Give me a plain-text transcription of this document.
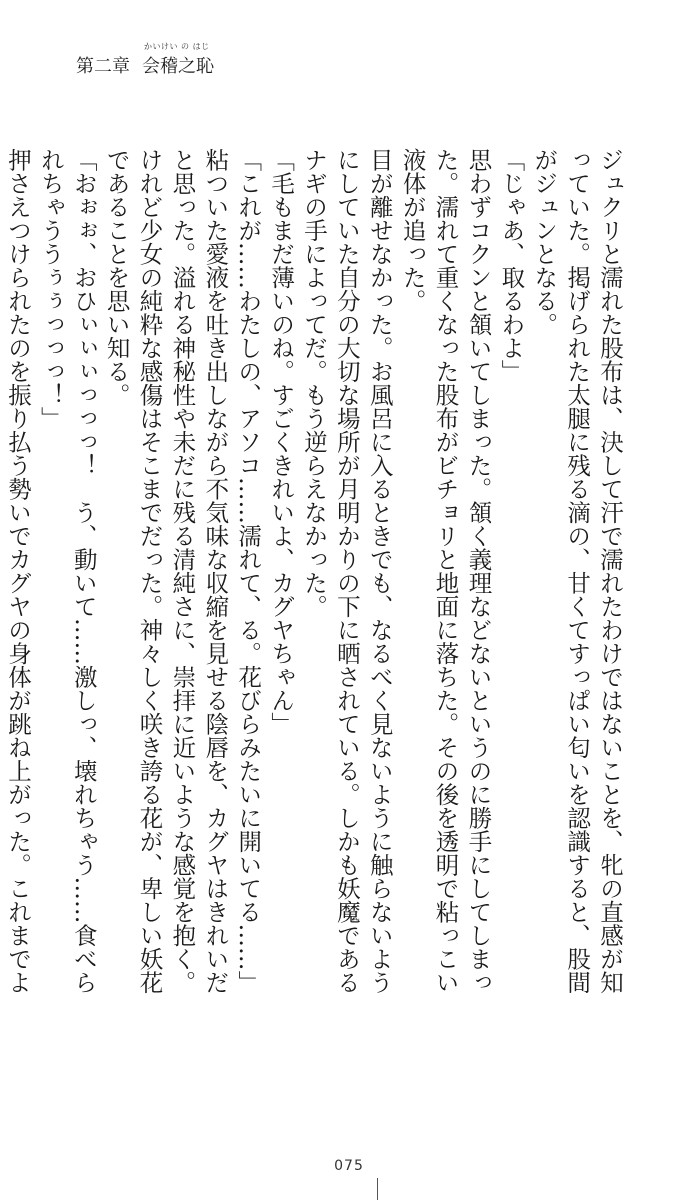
第二章
かいけい の はじ
会稽之恥

ジュクリと濡れた股布は、決して汗で濡れたわけではないことを、牝の直感が知っていた。掲げられた太腿に残る滴の、甘くてすっぱい匂いを認識すると、股間がジュンとなる。

「じゃあ、取るわよ」

思わずコクンと頷いてしまった。頷く義理などないというのに勝手にしてしまった。濡れて重くなった股布がビチョリと地面に落ちた。その後を透明で粘っこい液体が追った。

目が離せなかった。お風呂に入るときでも、なるべく見ないように触らないようにしていた自分の大切な場所が月明かりの下に晒されている。しかも妖魔であるナギの手によってだ。もう逆らえなかった。

「毛もまだ薄いのね。すごくきれいよ、カグヤちゃん」

「これが……わたしの、アソコ……濡れて、る。花びらみたいに開いてる……」

粘ついた愛液を吐き出しながら不気味な収縮を見せる陰唇を、カグヤはきれいだと思った。溢れる神秘性や未だに残る清純さに、崇拝に近いような感覚を抱く。けれど少女の純粋な感傷はそこまでだった。神々しく咲き誇る花が、卑しい妖花であることを思い知る。

「おぉぉ、おひぃぃぃっっっ！　う、動いて……激しっ、壊れちゃう……食べられちゃううぅぅっっっ！」

押さえつけられたのを振り払う勢いでカグヤの身体が跳ね上がった。これまでよ

075
